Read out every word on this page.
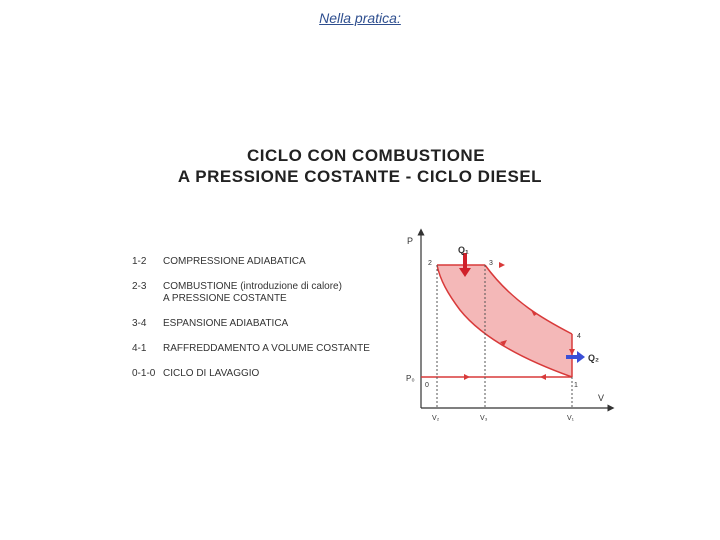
Nella pratica:
CICLO CON COMBUSTIONE
A PRESSIONE COSTANTE - CICLO DIESEL
1-2	COMPRESSIONE ADIABATICA
2-3	COMBUSTIONE (introduzione di calore)
A PRESSIONE COSTANTE
3-4	ESPANSIONE ADIABATICA
4-1	RAFFREDDAMENTO A VOLUME COSTANTE
0-1-0 CICLO DI LAVAGGIO
P
V
P₀
Q₁
Q₂
2	3
4
1
0
V₂	V₃	V₁
